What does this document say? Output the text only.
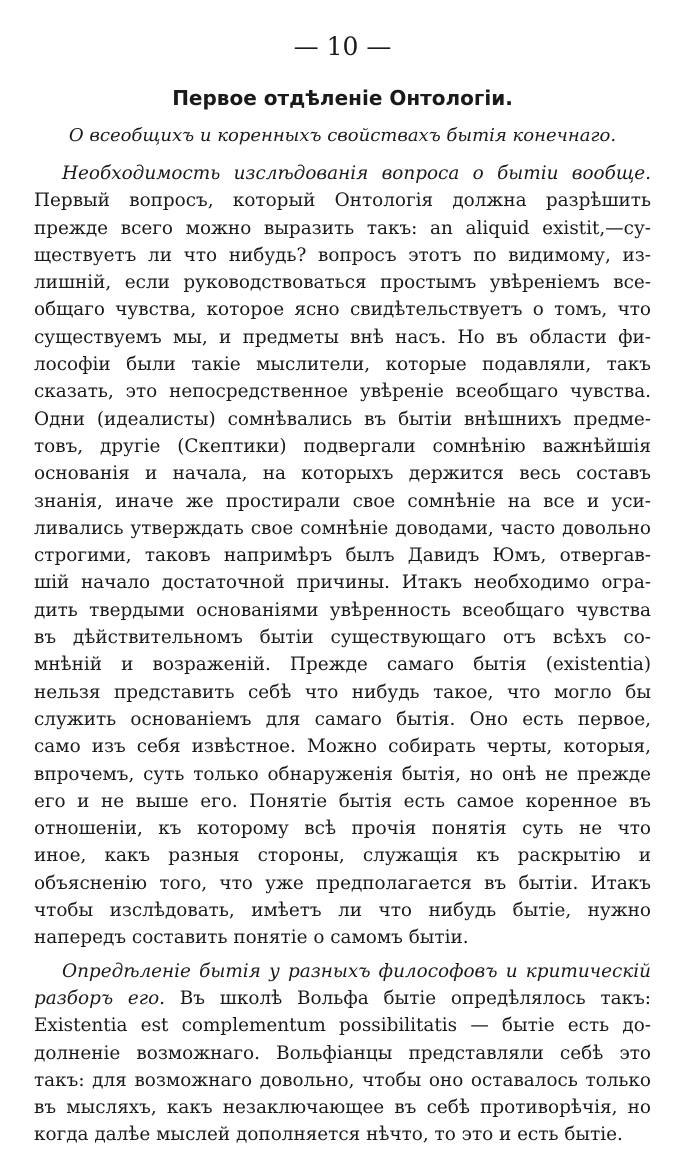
— 10 —
Первое отдѣленіе Онтологіи.
О всеобщихъ и коренныхъ свойствахъ бытія конечнаго.
Необходимость изслѣдованія вопроса о бытіи вообще.
Первый вопросъ, который Онтологія должна разрѣшить
прежде всего можно выразить такъ: an aliquid existit,—су-
ществуетъ ли что нибудь? вопросъ этотъ по видимому, из-
лишній, если руководствоваться простымъ увѣреніемъ все-
общаго чувства, которое ясно свидѣтельствуетъ о томъ, что
существуемъ мы, и предметы внѣ насъ. Но въ области фи-
лософіи были такіе мыслители, которые подавляли, такъ
сказать, это непосредственное увѣреніе всеобщаго чувства.
Одни (идеалисты) сомнѣвались въ бытіи внѣшнихъ предме-
товъ, другіе (Скептики) подвергали сомнѣнію важнѣйшія
основанія и начала, на которыхъ держится весь составъ
знанія, иначе же простирали свое сомнѣніе на все и уси-
ливались утверждать свое сомнѣніе доводами, часто довольно
строгими, таковъ напримѣръ былъ Давидъ Юмъ, отвергав-
шій начало достаточной причины. Итакъ необходимо огра-
дить твердыми основаніями увѣренность всеобщаго чувства
въ дѣйствительномъ бытіи существующаго отъ всѣхъ со-
мнѣній и возраженій. Прежде самаго бытія (existentia)
нельзя представить себѣ что нибудь такое, что могло бы
служить основаніемъ для самаго бытія. Оно есть первое,
само изъ себя извѣстное. Можно собирать черты, которыя,
впрочемъ, суть только обнаруженія бытія, но онѣ не прежде
его и не выше его. Понятіе бытія есть самое коренное въ
отношеніи, къ которому всѣ прочія понятія суть не что
иное, какъ разныя стороны, служащія къ раскрытію и
объясненію того, что уже предполагается въ бытіи. Итакъ
чтобы изслѣдовать, имѣетъ ли что нибудь бытіе, нужно
напередъ составить понятіе о самомъ бытіи.
Опредѣленіе бытія у разныхъ философовъ и критическій
разборъ его. Въ школѣ Вольфа бытіе опредѣлялось такъ:
Existentia est complementum possibilitatis — бытіе есть до-
долненіе возможнаго. Вольфіанцы представляли себѣ это
такъ: для возможнаго довольно, чтобы оно оставалось только
въ мысляхъ, какъ незаключающее въ себѣ противорѣчія, но
когда далѣе мыслей дополняется нѣчто, то это и есть бытіе.
